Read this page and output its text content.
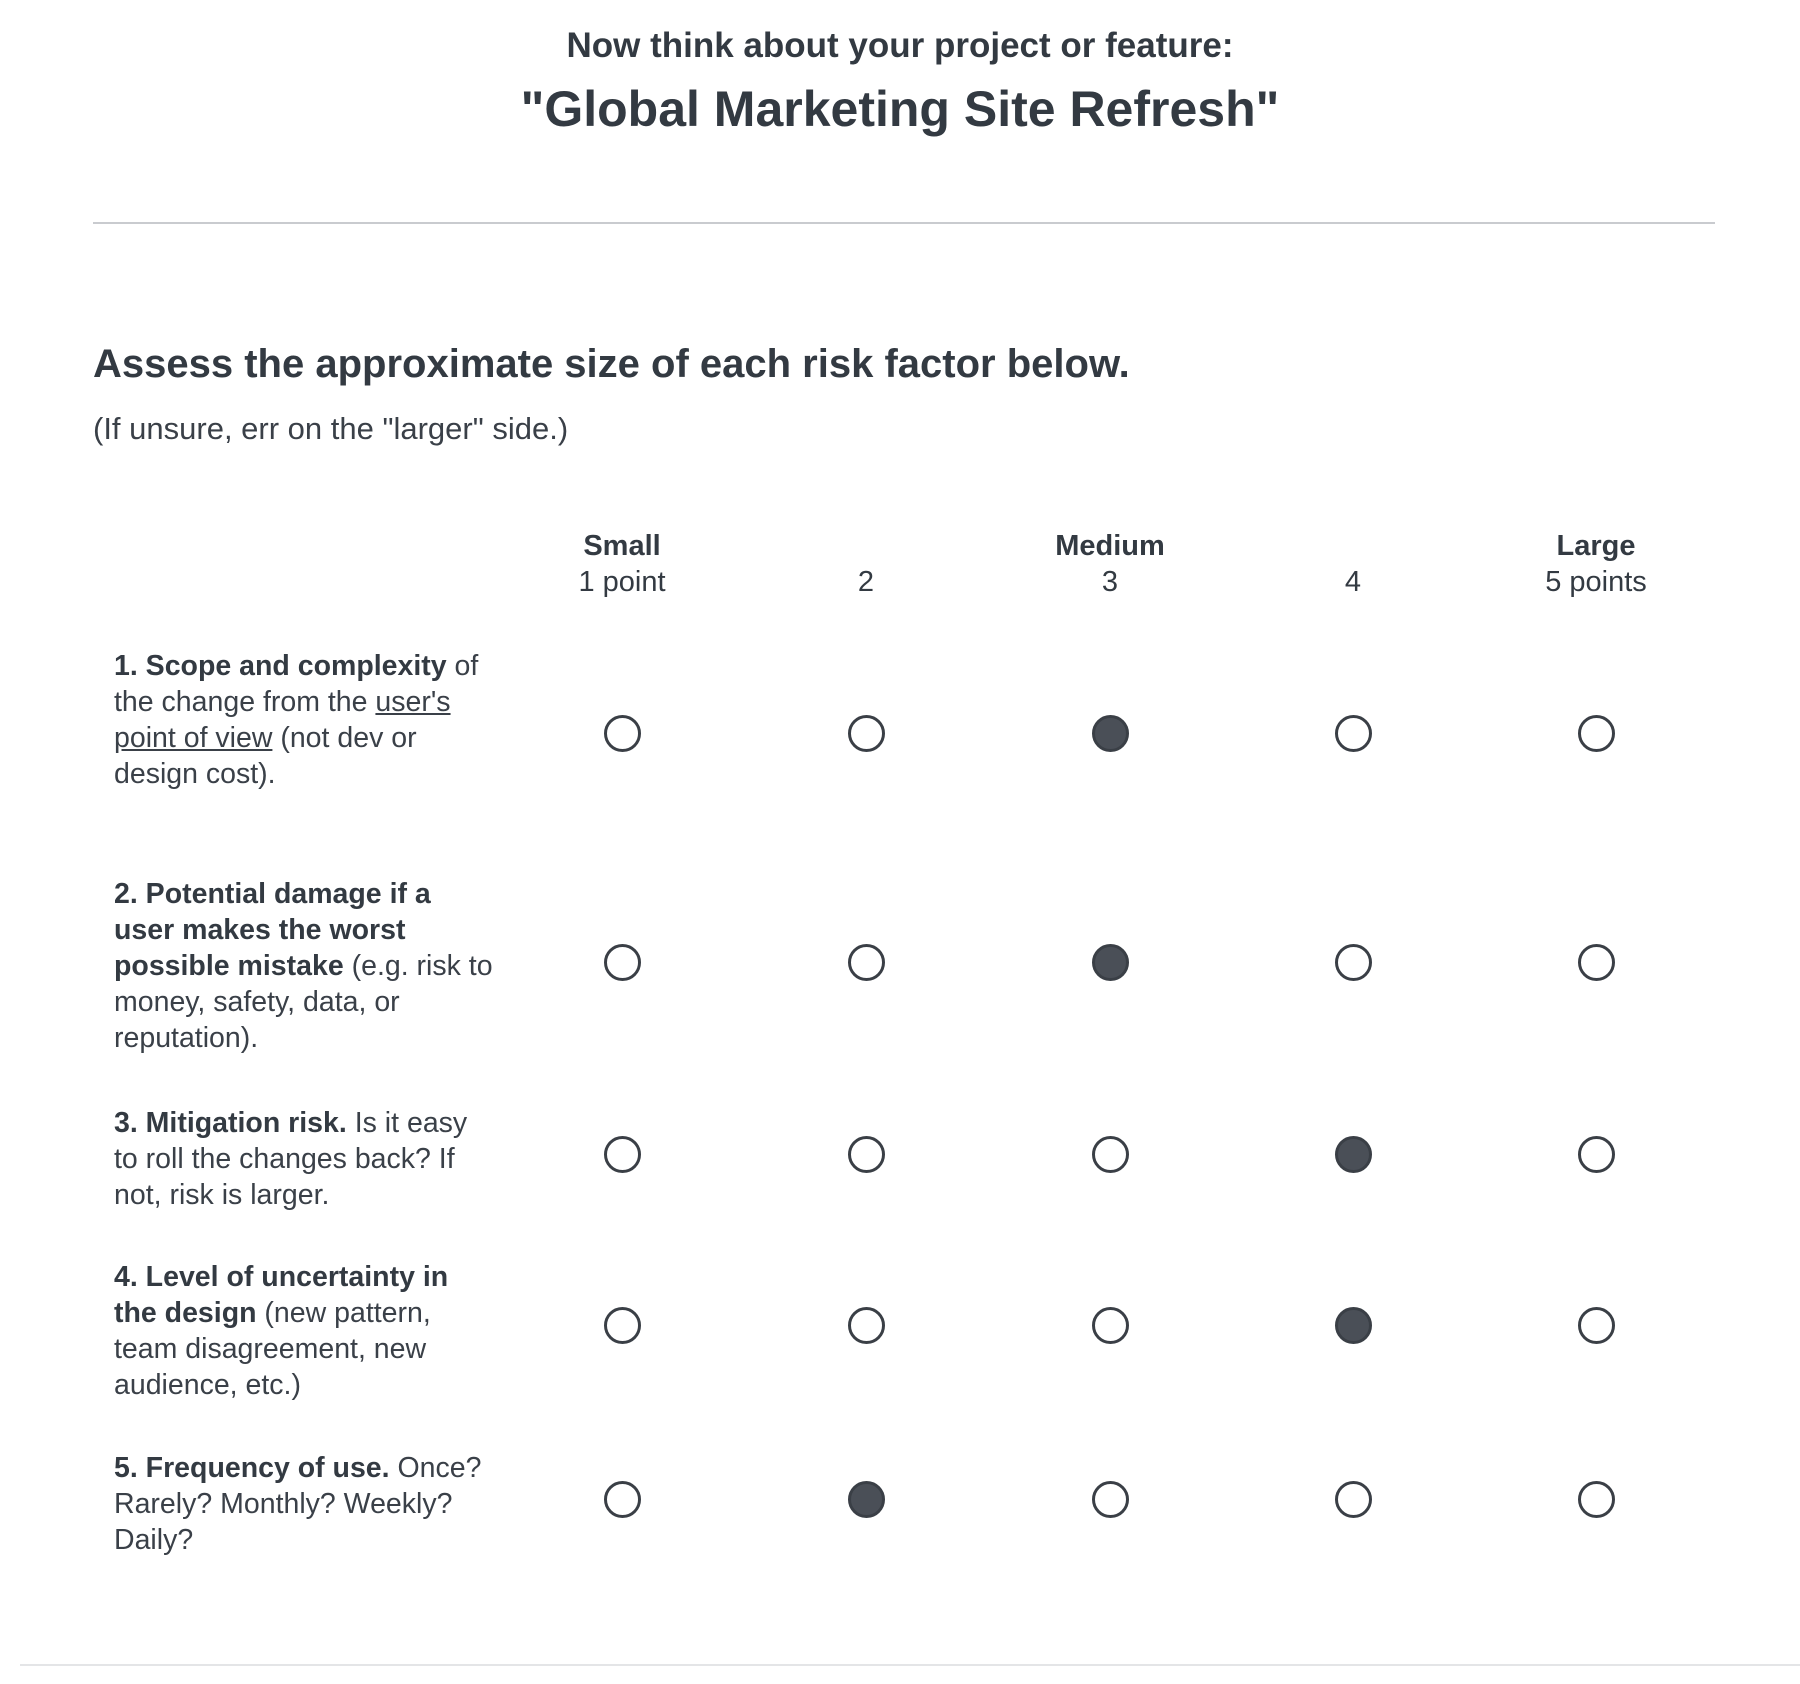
Now think about your project or feature:
"Global Marketing Site Refresh"
Assess the approximate size of each risk factor below.
(If unsure, err on the "larger" side.)
Small
1 point	2
Medium
3	4
Large
5 points
1. Scope and complexity of the change from the user's point of view (not dev or design cost).
2. Potential damage if a user makes the worst possible mistake (e.g. risk to money, safety, data, or reputation).
3. Mitigation risk. Is it easy to roll the changes back? If not, risk is larger.
4. Level of uncertainty in the design (new pattern, team disagreement, new audience, etc.)
5. Frequency of use. Once? Rarely? Monthly? Weekly? Daily?
